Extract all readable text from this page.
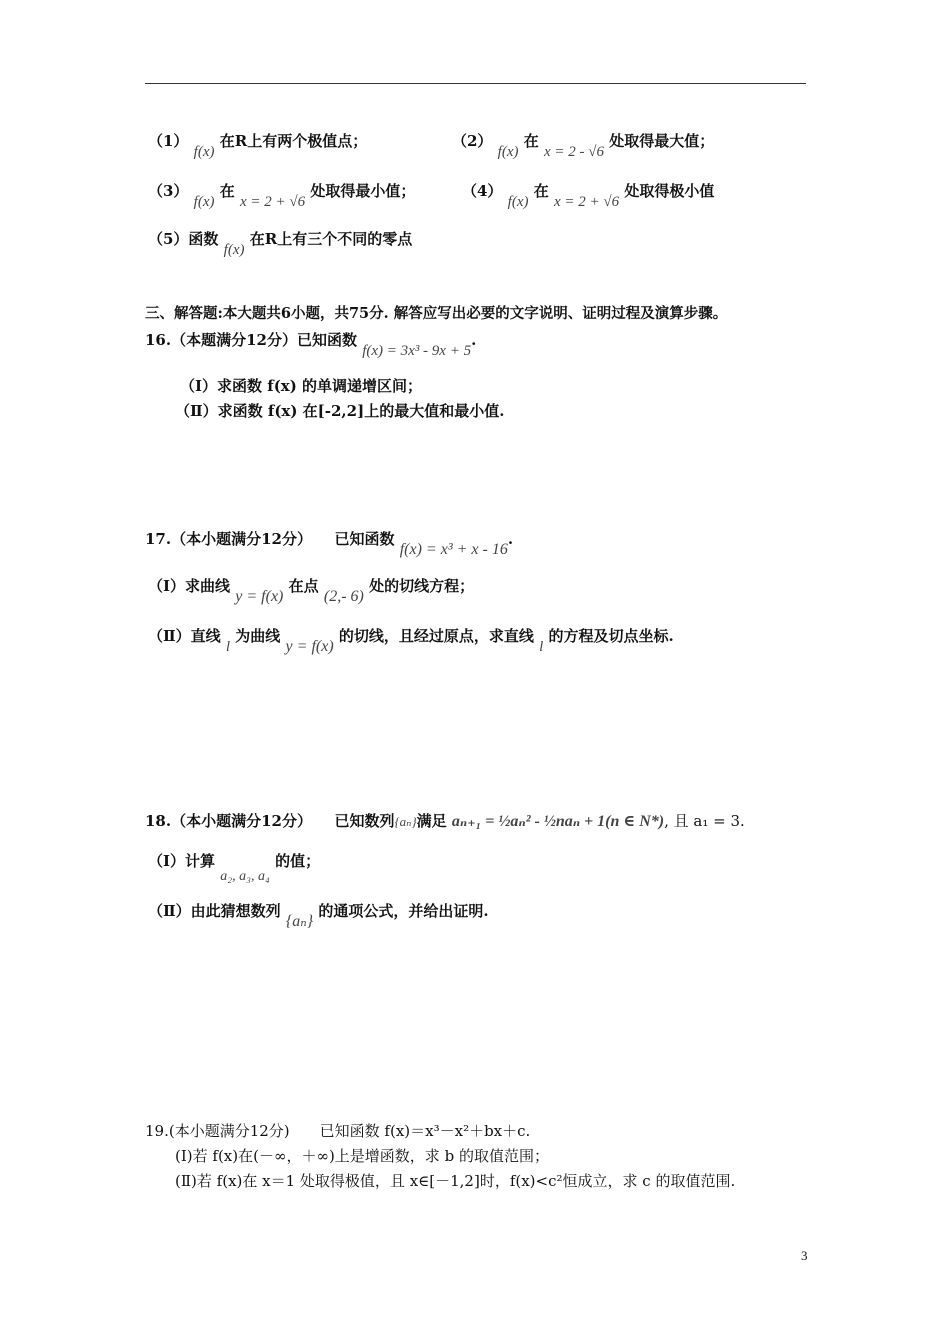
（1） f(x) 在R上有两个极值点；	（2） f(x) 在 x = 2 - √6 处取得最大值；
（3） f(x) 在 x = 2 + √6 处取得最小值；	（4） f(x) 在 x = 2 + √6 处取得极小值
（5）函数 f(x) 在R上有三个不同的零点
三、解答题:本大题共6小题，共75分. 解答应写出必要的文字说明、证明过程及演算步骤。
16.（本题满分12分）已知函数 f(x) = 3x³ - 9x + 5.
（Ⅰ）求函数 f(x) 的单调递增区间；
（Ⅱ）求函数 f(x) 在[-2,2]上的最大值和最小值.
17.（本小题满分12分）　　已知函数 f(x) = x³ + x - 16.
（Ⅰ）求曲线 y = f(x) 在点 (2,- 6) 处的切线方程；
（Ⅱ）直线 l 为曲线 y = f(x) 的切线，且经过原点，求直线 l 的方程及切点坐标.
18.（本小题满分12分）　　已知数列{aₙ}满足 aₙ₊₁ = ½aₙ² - ½naₙ + 1(n ∈ N*), 且 a₁ = 3.
（Ⅰ）计算 a₂, a₃, a₄ 的值；
（Ⅱ）由此猜想数列 {aₙ} 的通项公式，并给出证明.
19.(本小题满分12分)　　已知函数 f(x)＝x³－x²＋bx＋c.
(Ⅰ)若 f(x)在(－∞，＋∞)上是增函数，求 b 的取值范围；
(Ⅱ)若 f(x)在 x＝1 处取得极值，且 x∈[－1,2]时，f(x)<c²恒成立，求 c 的取值范围.
3
